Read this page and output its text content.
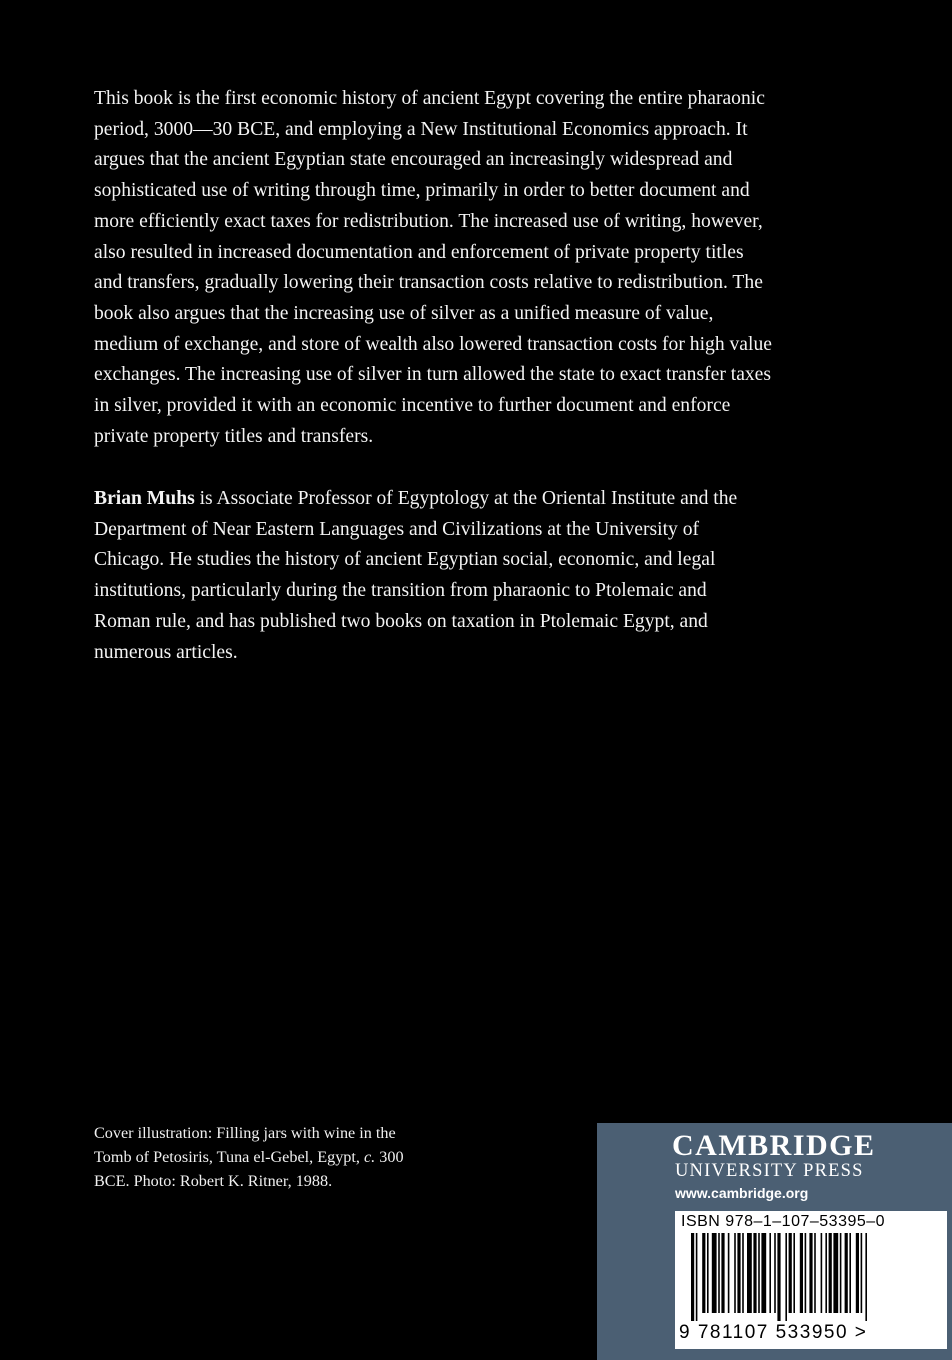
This book is the first economic history of ancient Egypt covering the entire pharaonic period, 3000—30 BCE, and employing a New Institutional Economics approach. It argues that the ancient Egyptian state encouraged an increasingly widespread and sophisticated use of writing through time, primarily in order to better document and more efficiently exact taxes for redistribution. The increased use of writing, however, also resulted in increased documentation and enforcement of private property titles and transfers, gradually lowering their transaction costs relative to redistribution. The book also argues that the increasing use of silver as a unified measure of value, medium of exchange, and store of wealth also lowered transaction costs for high value exchanges. The increasing use of silver in turn allowed the state to exact transfer taxes in silver, provided it with an economic incentive to further document and enforce private property titles and transfers.

Brian Muhs is Associate Professor of Egyptology at the Oriental Institute and the Department of Near Eastern Languages and Civilizations at the University of Chicago. He studies the history of ancient Egyptian social, economic, and legal institutions, particularly during the transition from pharaonic to Ptolemaic and Roman rule, and has published two books on taxation in Ptolemaic Egypt, and numerous articles.

Cover illustration: Filling jars with wine in the Tomb of Petosiris, Tuna el-Gebel, Egypt, c. 300 BCE. Photo: Robert K. Ritner, 1988.

CAMBRIDGE
UNIVERSITY PRESS
www.cambridge.org
ISBN 978–1–107–53395–0
9 781107 533950 >
